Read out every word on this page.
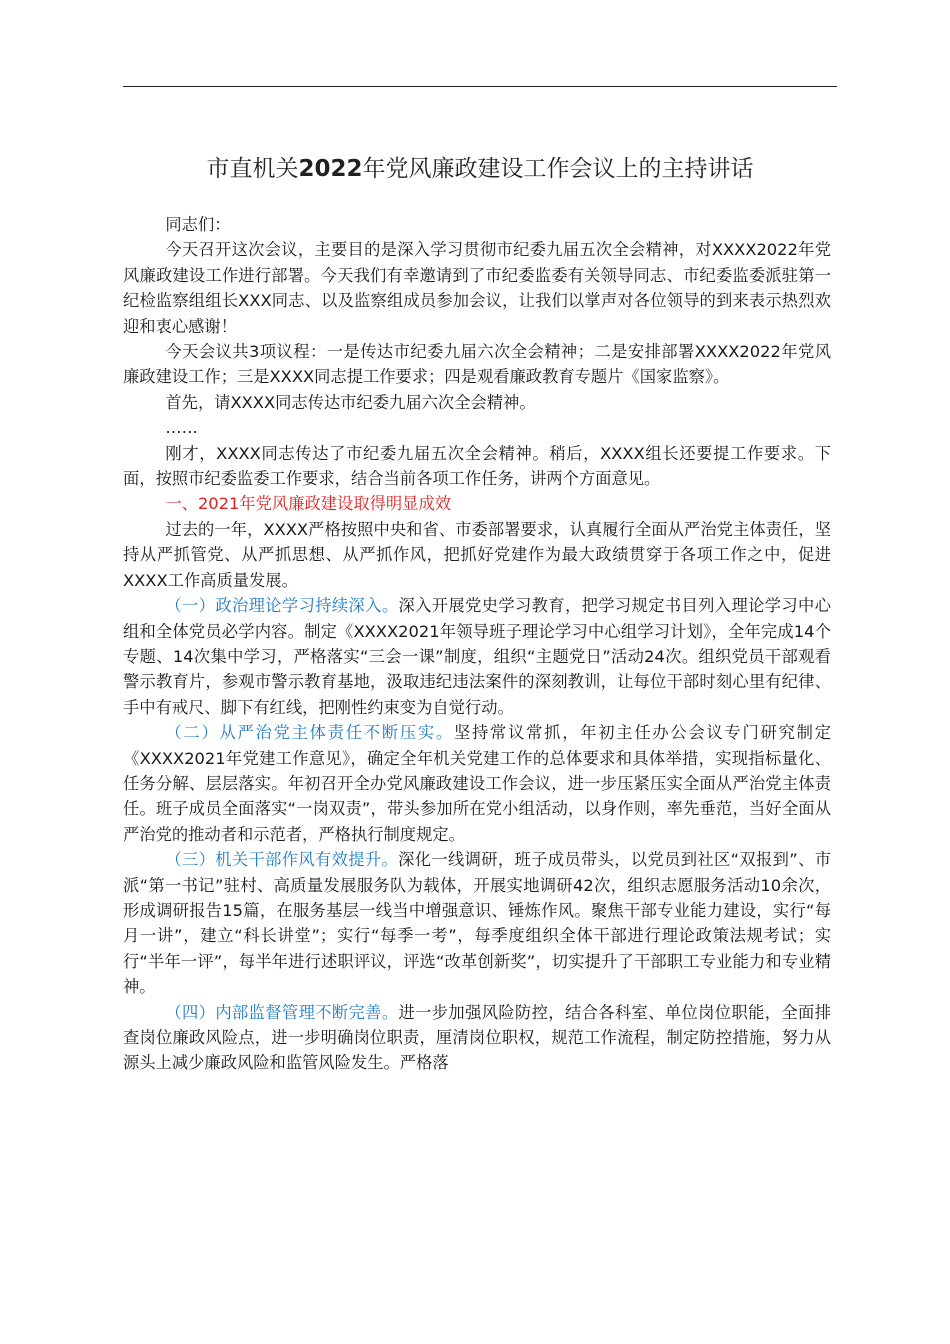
市直机关2022年党风廉政建设工作会议上的主持讲话

同志们：

今天召开这次会议，主要目的是深入学习贯彻市纪委九届五次全会精神，对XXXX2022年党风廉政建设工作进行部署。今天我们有幸邀请到了市纪委监委有关领导同志、市纪委监委派驻第一纪检监察组组长XXX同志、以及监察组成员参加会议，让我们以掌声对各位领导的到来表示热烈欢迎和衷心感谢！

今天会议共3项议程：一是传达市纪委九届六次全会精神；二是安排部署XXXX2022年党风廉政建设工作；三是XXXX同志提工作要求；四是观看廉政教育专题片《国家监察》。

首先，请XXXX同志传达市纪委九届六次全会精神。

……

刚才，XXXX同志传达了市纪委九届五次全会精神。稍后，XXXX组长还要提工作要求。下面，按照市纪委监委工作要求，结合当前各项工作任务，讲两个方面意见。

一、2021年党风廉政建设取得明显成效

过去的一年，XXXX严格按照中央和省、市委部署要求，认真履行全面从严治党主体责任，坚持从严抓管党、从严抓思想、从严抓作风，把抓好党建作为最大政绩贯穿于各项工作之中，促进XXXX工作高质量发展。

（一）政治理论学习持续深入。深入开展党史学习教育，把学习规定书目列入理论学习中心组和全体党员必学内容。制定《XXXX2021年领导班子理论学习中心组学习计划》，全年完成14个专题、14次集中学习，严格落实“三会一课”制度，组织“主题党日”活动24次。组织党员干部观看警示教育片，参观市警示教育基地，汲取违纪违法案件的深刻教训，让每位干部时刻心里有纪律、手中有戒尺、脚下有红线，把刚性约束变为自觉行动。

（二）从严治党主体责任不断压实。坚持常议常抓，年初主任办公会议专门研究制定《XXXX2021年党建工作意见》，确定全年机关党建工作的总体要求和具体举措，实现指标量化、任务分解、层层落实。年初召开全办党风廉政建设工作会议，进一步压紧压实全面从严治党主体责任。班子成员全面落实“一岗双责”，带头参加所在党小组活动，以身作则，率先垂范，当好全面从严治党的推动者和示范者，严格执行制度规定。

（三）机关干部作风有效提升。深化一线调研，班子成员带头，以党员到社区“双报到”、市派“第一书记”驻村、高质量发展服务队为载体，开展实地调研42次，组织志愿服务活动10余次，形成调研报告15篇，在服务基层一线当中增强意识、锤炼作风。聚焦干部专业能力建设，实行“每月一讲”，建立“科长讲堂”；实行“每季一考”，每季度组织全体干部进行理论政策法规考试；实行“半年一评”，每半年进行述职评议，评选“改革创新奖”，切实提升了干部职工专业能力和专业精神。

（四）内部监督管理不断完善。进一步加强风险防控，结合各科室、单位岗位职能，全面排查岗位廉政风险点，进一步明确岗位职责，厘清岗位职权，规范工作流程，制定防控措施，努力从源头上减少廉政风险和监管风险发生。严格落
